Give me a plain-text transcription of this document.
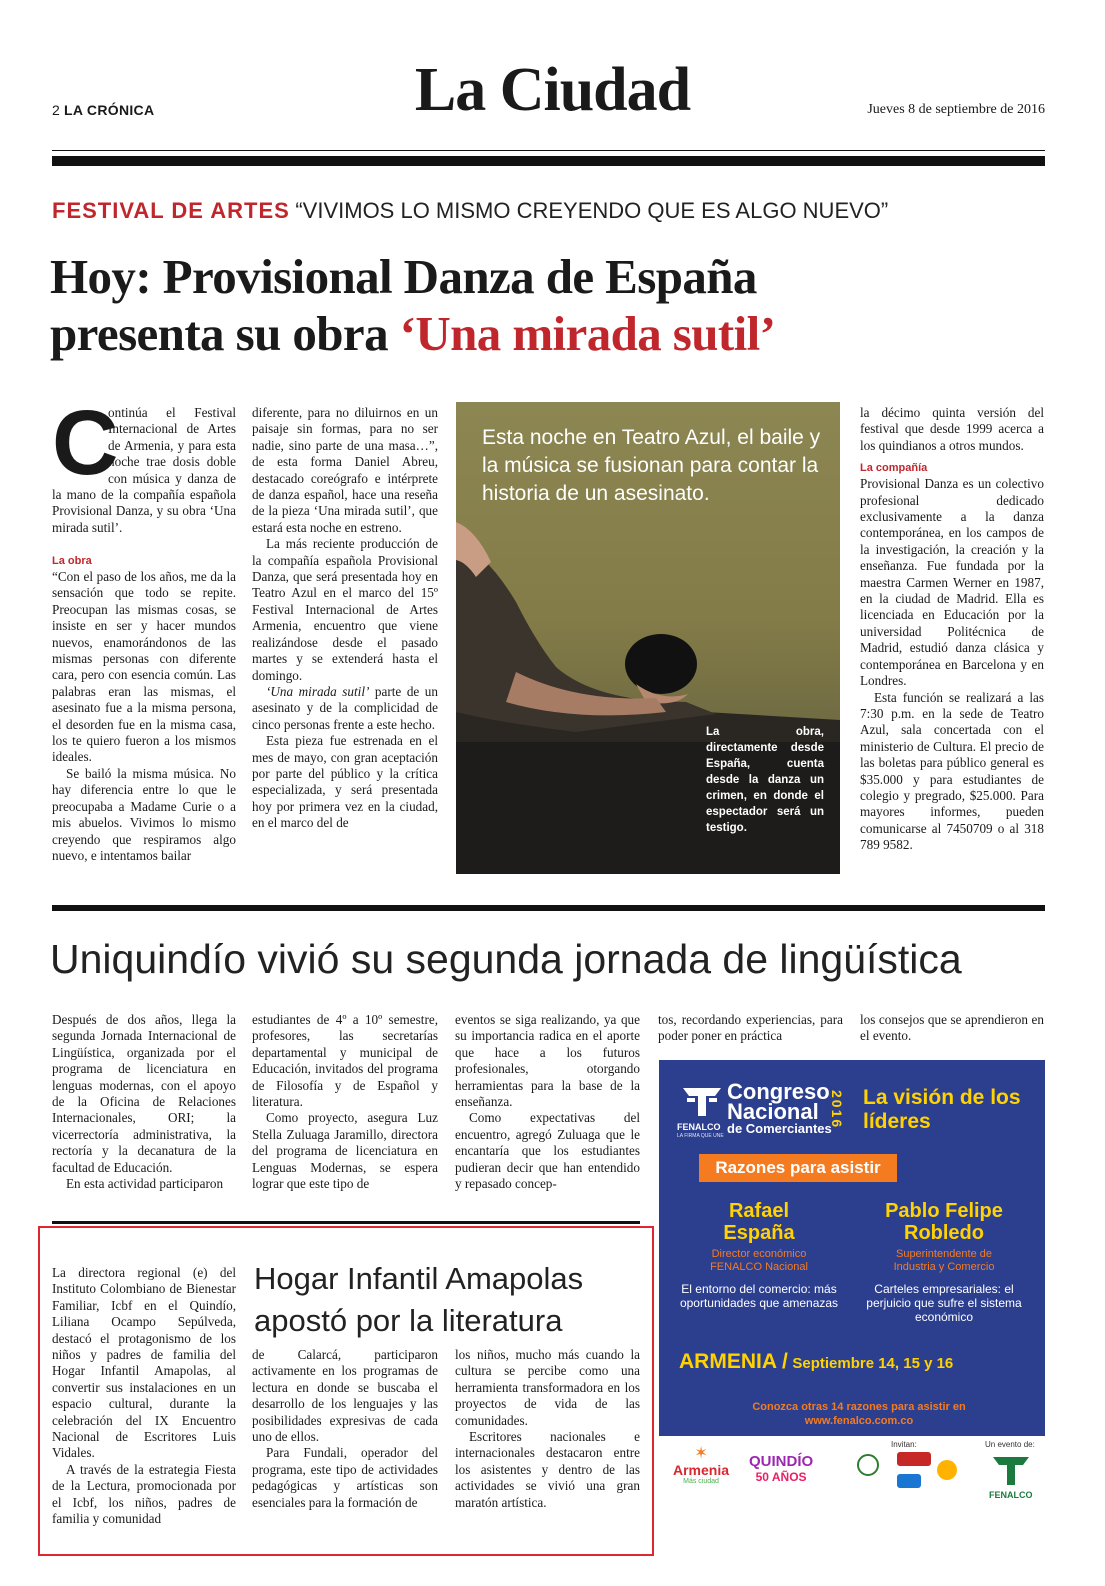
2 LA CRÓNICA	La Ciudad	Jueves 8 de septiembre de 2016
FESTIVAL DE ARTES “VIVIMOS LO MISMO CREYENDO QUE ES ALGO NUEVO”
Hoy: Provisional Danza de España
presenta su obra ‘Una mirada sutil’
C

ontinúa el Festival Internacional de Artes de Armenia, y para esta noche trae dosis doble con música y danza de la mano de la compañía española Provisional Danza, y su obra ‘Una mirada sutil’.

La obra

“Con el paso de los años, me da la sensación que todo se repite. Preocupan las mismas cosas, se insiste en ser y hacer mundos nuevos, enamorándonos de las mismas personas con diferente cara, pero con esencia común. Las palabras eran las mismas, el asesinato fue a la misma persona, el desorden fue en la misma casa, los te quiero fueron a los mismos ideales.

Se bailó la misma música. No hay diferencia entre lo que le preocupaba a Madame Curie o a mis abuelos. Vivimos lo mismo creyendo que respiramos algo nuevo, e intentamos bailar

diferente, para no diluirnos en un paisaje sin formas, para no ser nadie, sino parte de una masa…”, de esta forma Daniel Abreu, destacado coreógrafo e intérprete de danza español, hace una reseña de la pieza ‘Una mirada sutil’, que estará esta noche en estreno.

La más reciente producción de la compañía española Provisional Danza, que será presentada hoy en Teatro Azul en el marco del 15º Festival Internacional de Artes Armenia, encuentro que viene realizándose desde el pasado martes y se extenderá hasta el domingo.

‘Una mirada sutil’ parte de un asesinato y de la complicidad de cinco personas frente a este hecho.

Esta pieza fue estrenada en el mes de mayo, con gran aceptación por parte del público y la crítica especializada, y será presentada hoy por primera vez en la ciudad, en el marco del de

Esta noche en Teatro Azul, el baile y la música se fusionan para contar la historia de un asesinato.
La obra, directamente desde España, cuenta desde la danza un crimen, en donde el espectador será un testigo.

la décimo quinta versión del festival que desde 1999 acerca a los quindianos a otros mundos.

La compañía

Provisional Danza es un colectivo profesional dedicado exclusivamente a la danza contemporánea, en los campos de la investigación, la creación y la enseñanza. Fue fundada por la maestra Carmen Werner en 1987, en la ciudad de Madrid. Ella es licenciada en Educación por la universidad Politécnica de Madrid, estudió danza clásica y contemporánea en Barcelona y en Londres.

Esta función se realizará a las 7:30 p.m. en la sede de Teatro Azul, sala concertada con el ministerio de Cultura. El precio de las boletas para público general es $35.000 y para estudiantes de colegio y pregrado, $25.000. Para mayores informes, pueden comunicarse al 7450709 o al 318 789 9582.

Uniquindío vivió su segunda jornada de lingüística

Después de dos años, llega la segunda Jornada Internacional de Lingüística, organizada por el programa de licenciatura en lenguas modernas, con el apoyo de la Oficina de Relaciones Internacionales, ORI; la vicerrectoría administrativa, la rectoría y la decanatura de la facultad de Educación.

En esta actividad participaron

estudiantes de 4º a 10º semestre, profesores, las secretarías departamental y municipal de Educación, invitados del programa de Filosofía y de Español y literatura.

Como proyecto, asegura Luz Stella Zuluaga Jaramillo, directora del programa de licenciatura en Lenguas Modernas, se espera lograr que este tipo de

eventos se siga realizando, ya que su importancia radica en el aporte que hace a los futuros profesionales, otorgando herramientas para la base de la enseñanza.

Como expectativas del encuentro, agregó Zuluaga que le encantaría que los estudiantes pudieran decir que han entendido y repasado concep-

tos, recordando experiencias, para poder poner en práctica

los consejos que se aprendieron en el evento.

La directora regional (e) del Instituto Colombiano de Bienestar Familiar, Icbf en el Quindío, Liliana Ocampo Sepúlveda, destacó el protagonismo de los niños y padres de familia del Hogar Infantil Amapolas, al convertir sus instalaciones en un espacio cultural, durante la celebración del IX Encuentro Nacional de Escritores Luis Vidales.

A través de la estrategia Fiesta de la Lectura, promocionada por el Icbf, los niños, padres de familia y comunidad

Hogar Infantil Amapolas
apostó por la literatura

de Calarcá, participaron activamente en los programas de lectura en donde se buscaba el desarrollo de los lenguajes y las posibilidades expresivas de cada uno de ellos.

Para Fundali, operador del programa, este tipo de actividades pedagógicas y artísticas son esenciales para la formación de

los niños, mucho más cuando la cultura se percibe como una herramienta transformadora en los proyectos de vida de las comunidades.

Escritores nacionales e internacionales destacaron entre los asistentes y dentro de las actividades se vivió una gran maratón artística.

FENALCO
LA FIRMA QUE UNE
Congreso
Nacional
de Comerciantes
2016 La visión de los líderes
Razones para asistir
Rafael España
Director económico FENALCO Nacional
El entorno del comercio: más oportunidades que amenazas
Pablo Felipe Robledo
Superintendente de Industria y Comercio
Carteles empresariales: el perjuicio que sufre el sistema económico
ARMENIA / Septiembre 14, 15 y 16
Conozca otras 14 razones para asistir en www.fenalco.com.co
✶
Armenia
Más ciudad
QUINDÍO
50 AÑOS
Invitan:	Un evento de:
FENALCO
